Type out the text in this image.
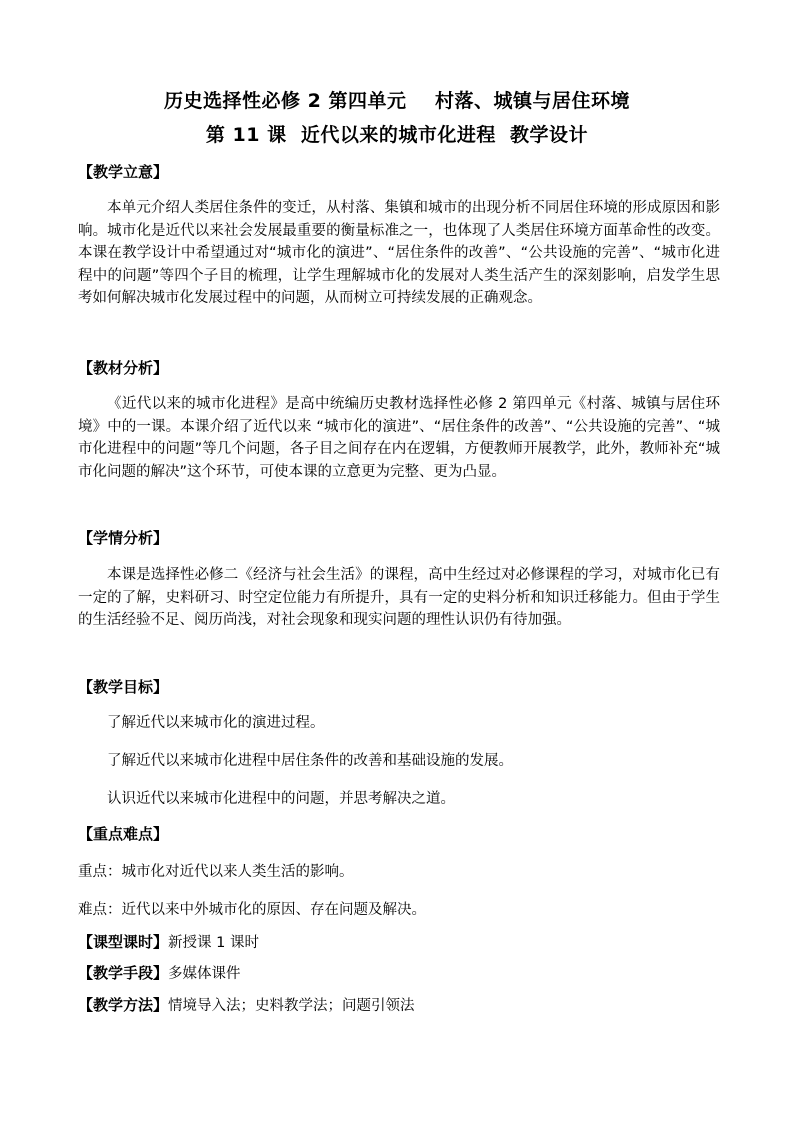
历史选择性必修 2 第四单元    村落、城镇与居住环境
第 11 课  近代以来的城市化进程  教学设计
【教学立意】
本单元介绍人类居住条件的变迁，从村落、集镇和城市的出现分析不同居住环境的形成原因和影响。城市化是近代以来社会发展最重要的衡量标准之一，也体现了人类居住环境方面革命性的改变。本课在教学设计中希望通过对“城市化的演进”、“居住条件的改善”、“公共设施的完善”、“城市化进程中的问题”等四个子目的梳理，让学生理解城市化的发展对人类生活产生的深刻影响，启发学生思考如何解决城市化发展过程中的问题，从而树立可持续发展的正确观念。
【教材分析】
《近代以来的城市化进程》是高中统编历史教材选择性必修 2 第四单元《村落、城镇与居住环境》中的一课。本课介绍了近代以来 “城市化的演进”、“居住条件的改善”、“公共设施的完善”、“城市化进程中的问题”等几个问题，各子目之间存在内在逻辑，方便教师开展教学，此外，教师补充“城市化问题的解决”这个环节，可使本课的立意更为完整、更为凸显。
【学情分析】
本课是选择性必修二《经济与社会生活》的课程，高中生经过对必修课程的学习，对城市化已有一定的了解，史料研习、时空定位能力有所提升，具有一定的史料分析和知识迁移能力。但由于学生的生活经验不足、阅历尚浅，对社会现象和现实问题的理性认识仍有待加强。
【教学目标】
了解近代以来城市化的演进过程。
了解近代以来城市化进程中居住条件的改善和基础设施的发展。
认识近代以来城市化进程中的问题，并思考解决之道。
【重点难点】
重点：城市化对近代以来人类生活的影响。
难点：近代以来中外城市化的原因、存在问题及解决。
【课型课时】新授课 1 课时
【教学手段】多媒体课件
【教学方法】情境导入法；史料教学法；问题引领法
